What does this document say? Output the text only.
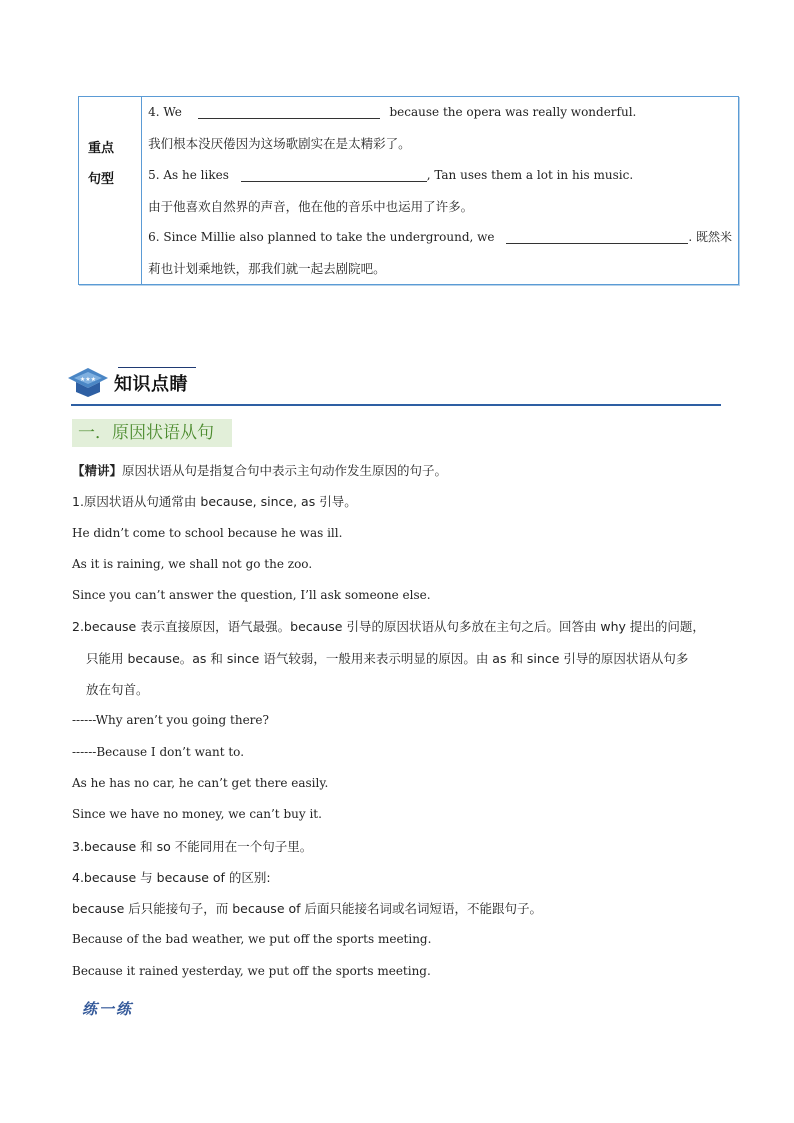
重点
句型
4. We	because the opera was really wonderful.
我们根本没厌倦因为这场歌剧实在是太精彩了。
5. As he likes	, Tan uses them a lot in his music.
由于他喜欢自然界的声音，他在他的音乐中也运用了许多。
6. Since Millie also planned to take the underground, we	. 既然米
莉也计划乘地铁，那我们就一起去剧院吧。
★★★ 知识点睛
一．原因状语从句
【精讲】原因状语从句是指复合句中表示主句动作发生原因的句子。
1.原因状语从句通常由 because, since, as 引导。
He didn’t come to school because he was ill.
As it is raining, we shall not go the zoo.
Since you can’t answer the question, I’ll ask someone else.
2.because 表示直接原因，语气最强。because 引导的原因状语从句多放在主句之后。回答由 why 提出的问题，
只能用 because。as 和 since 语气较弱，一般用来表示明显的原因。由 as 和 since 引导的原因状语从句多
放在句首。
------Why aren’t you going there?
------Because I don’t want to.
As he has no car, he can’t get there easily.
Since we have no money, we can’t buy it.
3.because 和 so 不能同用在一个句子里。
4.because 与 because of 的区别:
because 后只能接句子，而 because of 后面只能接名词或名词短语，不能跟句子。
Because of the bad weather, we put off the sports meeting.
Because it rained yesterday, we put off the sports meeting.
练一练
